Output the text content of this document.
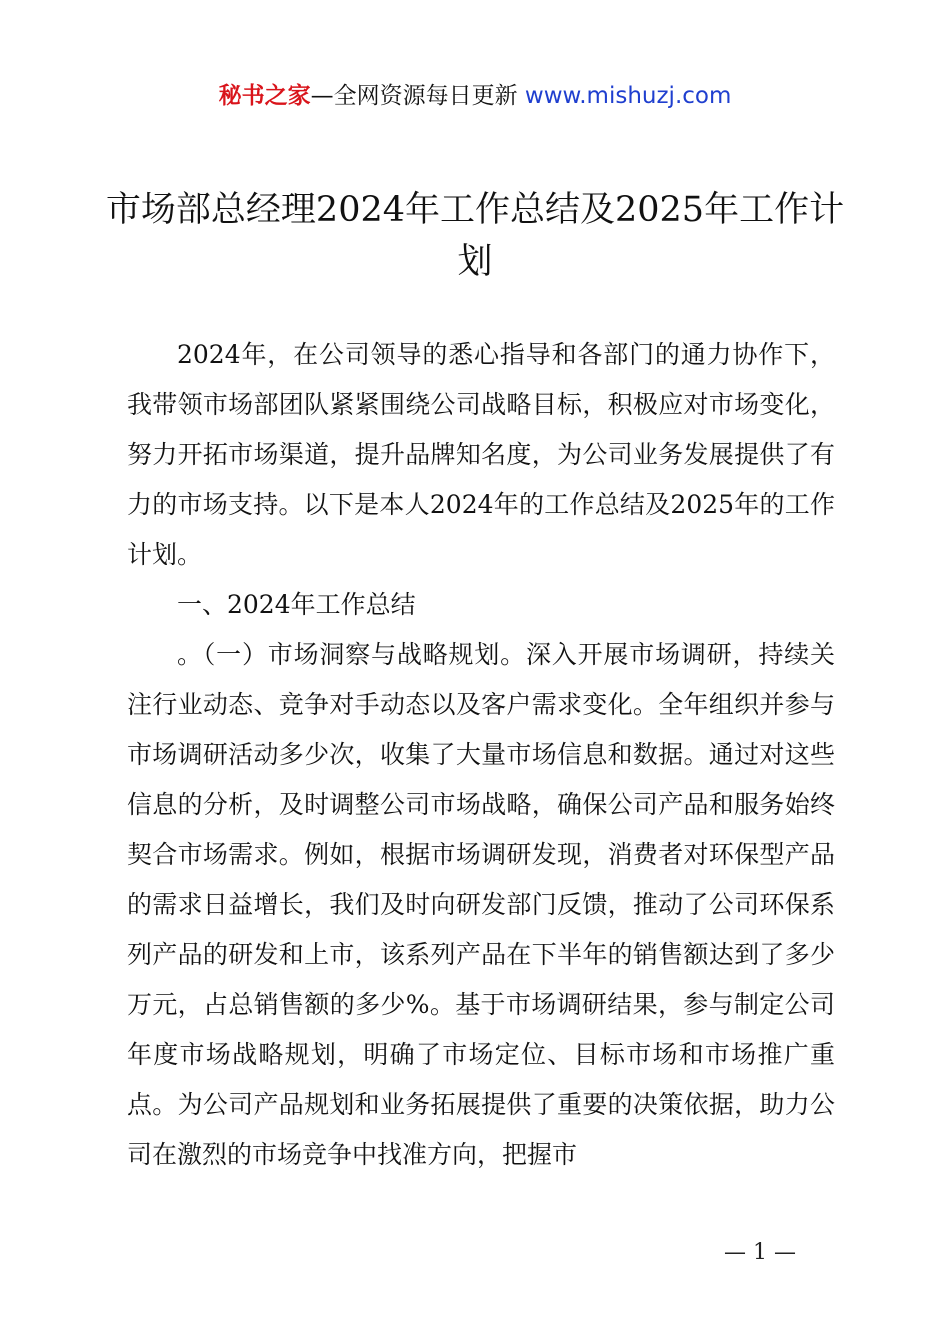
秘书之家—全网资源每日更新 www.mishuzj.com
市场部总经理2024年工作总结及2025年工作计划

2024年，在公司领导的悉心指导和各部门的通力协作下，我带领市场部团队紧紧围绕公司战略目标，积极应对市场变化，努力开拓市场渠道，提升品牌知名度，为公司业务发展提供了有力的市场支持。以下是本人2024年的工作总结及2025年的工作计划。

一、2024年工作总结

。（一）市场洞察与战略规划。深入开展市场调研，持续关注行业动态、竞争对手动态以及客户需求变化。全年组织并参与市场调研活动多少次，收集了大量市场信息和数据。通过对这些信息的分析，及时调整公司市场战略，确保公司产品和服务始终契合市场需求。例如，根据市场调研发现，消费者对环保型产品的需求日益增长，我们及时向研发部门反馈，推动了公司环保系列产品的研发和上市，该系列产品在下半年的销售额达到了多少万元，占总销售额的多少%。基于市场调研结果，参与制定公司年度市场战略规划，明确了市场定位、目标市场和市场推广重点。为公司产品规划和业务拓展提供了重要的决策依据，助力公司在激烈的市场竞争中找准方向，把握市

— 1 —
